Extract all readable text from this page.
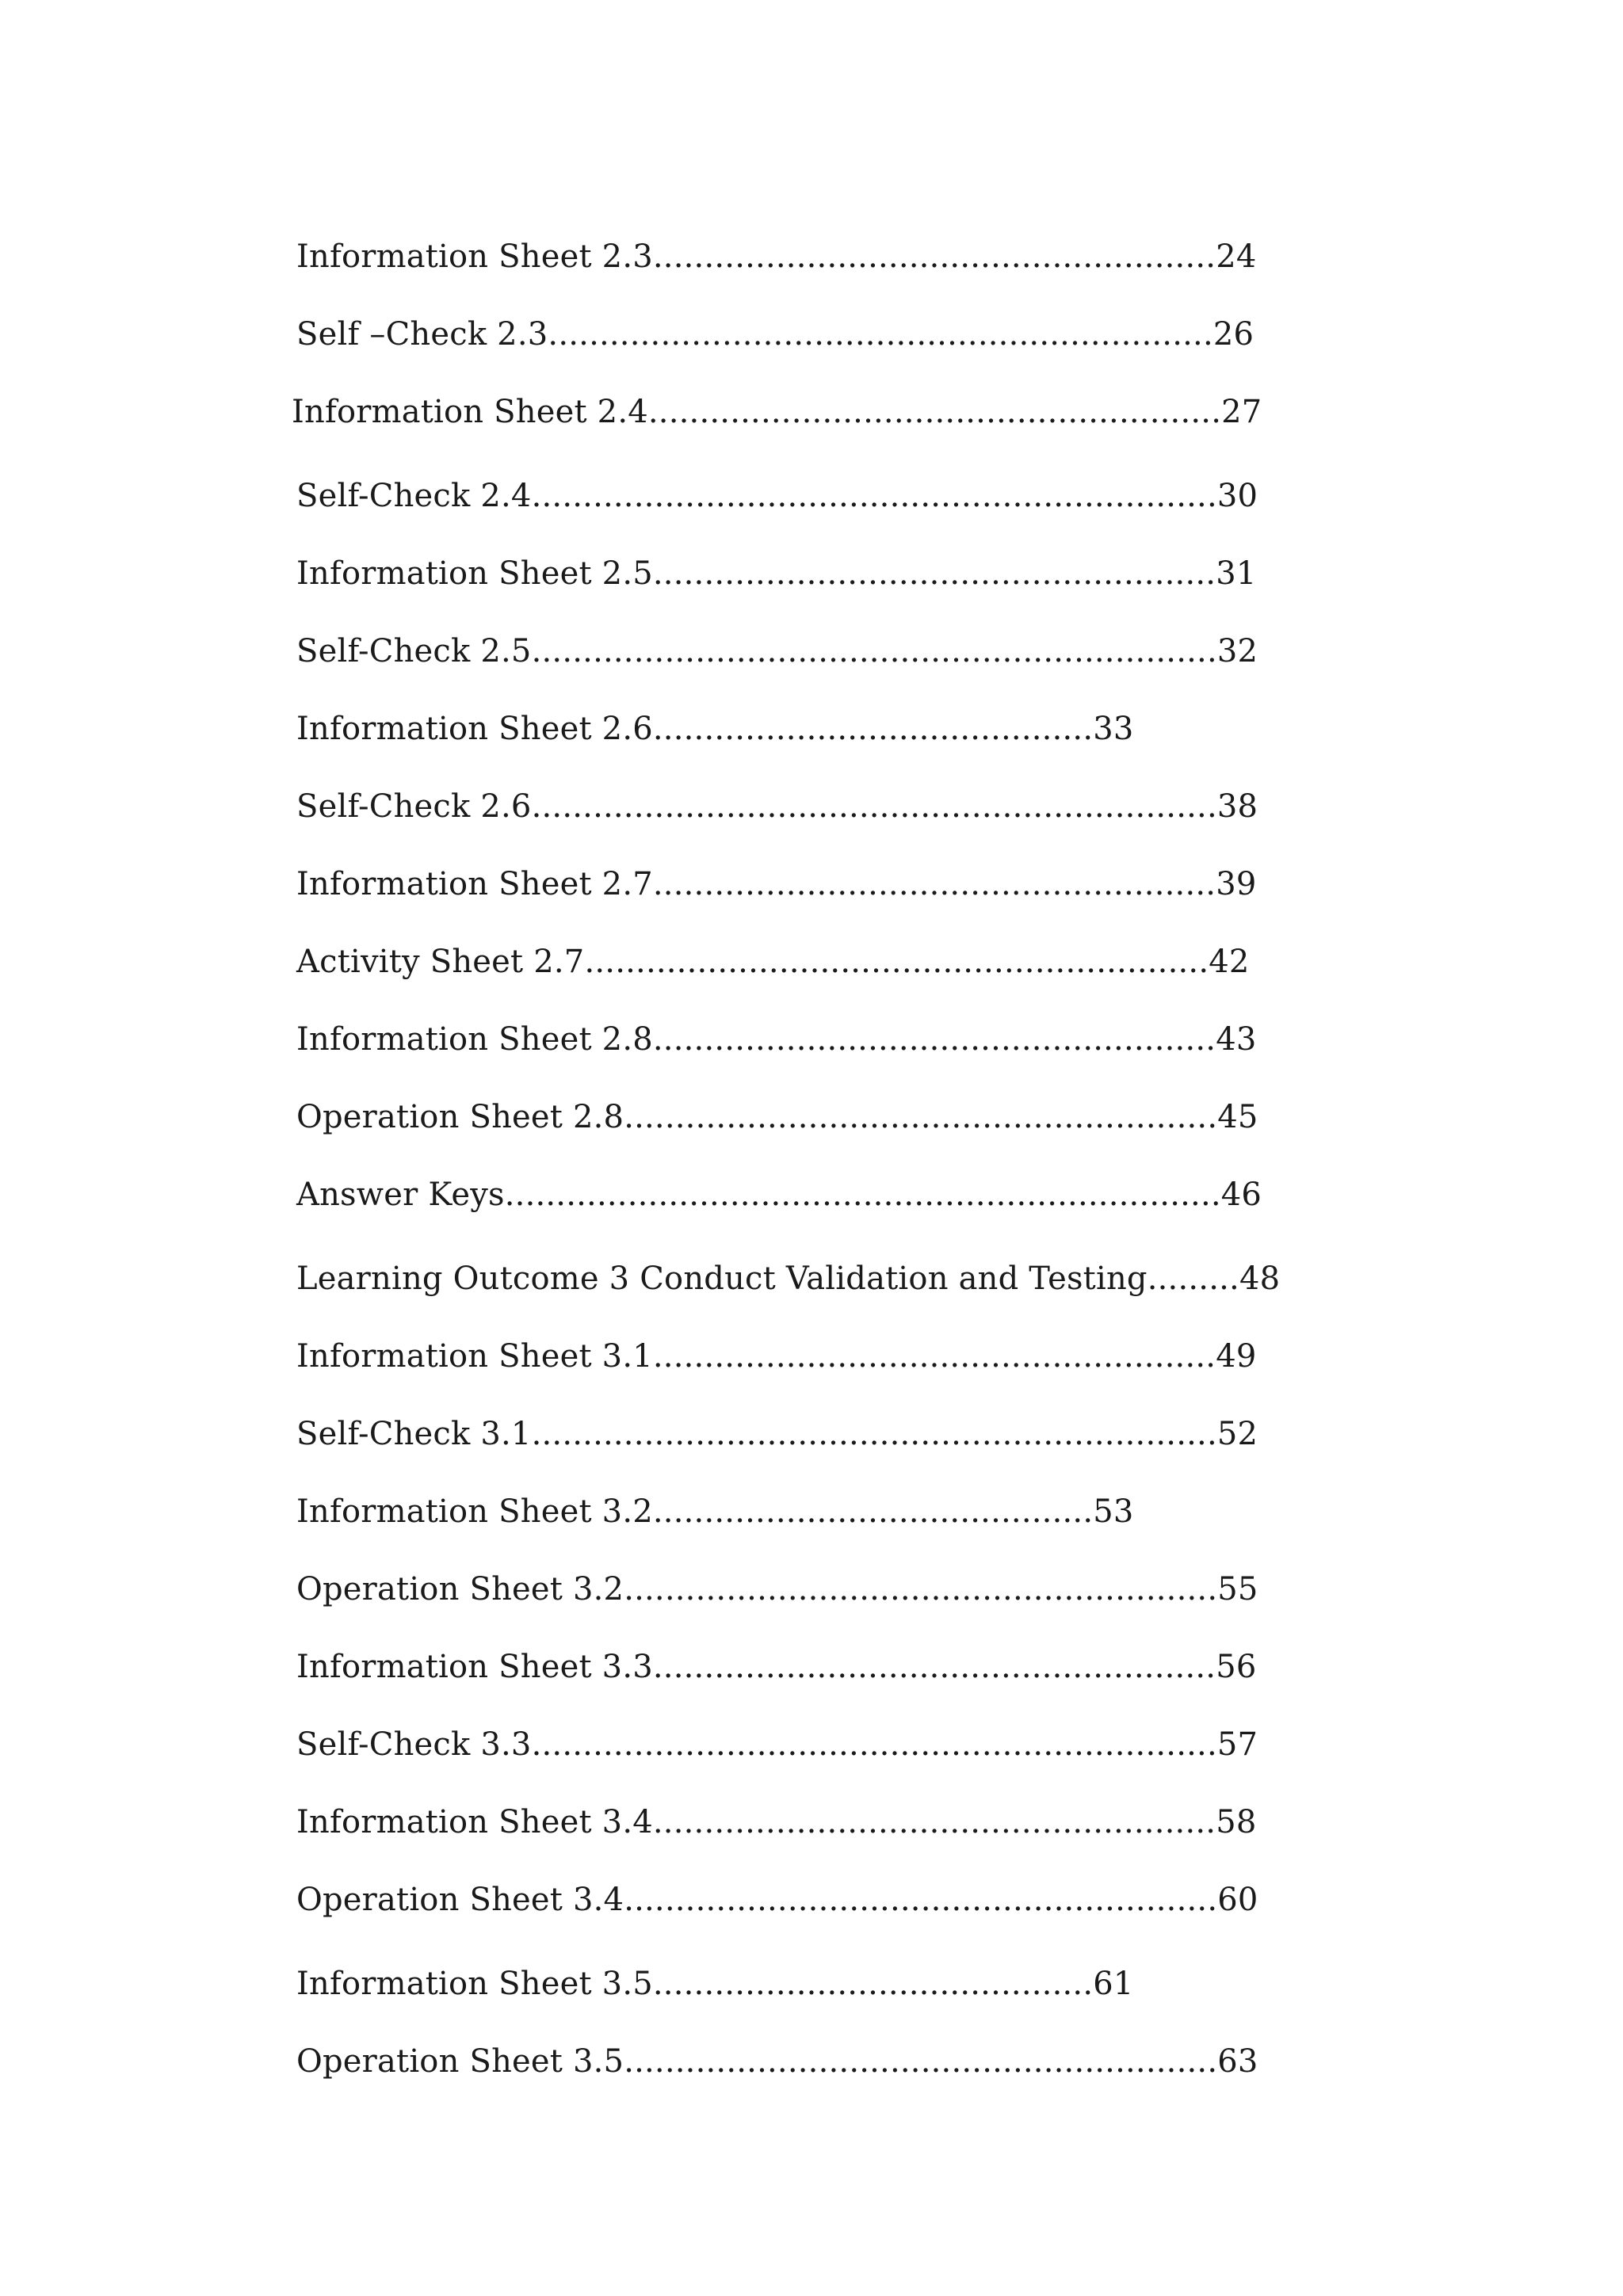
Information Sheet 2.3.......................................................24
Self –Check 2.3.................................................................26
Information Sheet 2.4........................................................27
Self-Check 2.4...................................................................30
Information Sheet 2.5.......................................................31
Self-Check 2.5...................................................................32
Information Sheet 2.6...........................................33
Self-Check 2.6...................................................................38
Information Sheet 2.7.......................................................39
Activity Sheet 2.7.............................................................42
Information Sheet 2.8.......................................................43
Operation Sheet 2.8..........................................................45
Answer Keys......................................................................46
Learning Outcome 3 Conduct Validation and Testing.........48
Information Sheet 3.1.......................................................49
Self-Check 3.1...................................................................52
Information Sheet 3.2...........................................53
Operation Sheet 3.2..........................................................55
Information Sheet 3.3.......................................................56
Self-Check 3.3...................................................................57
Information Sheet 3.4.......................................................58
Operation Sheet 3.4..........................................................60
Information Sheet 3.5...........................................61
Operation Sheet 3.5..........................................................63
